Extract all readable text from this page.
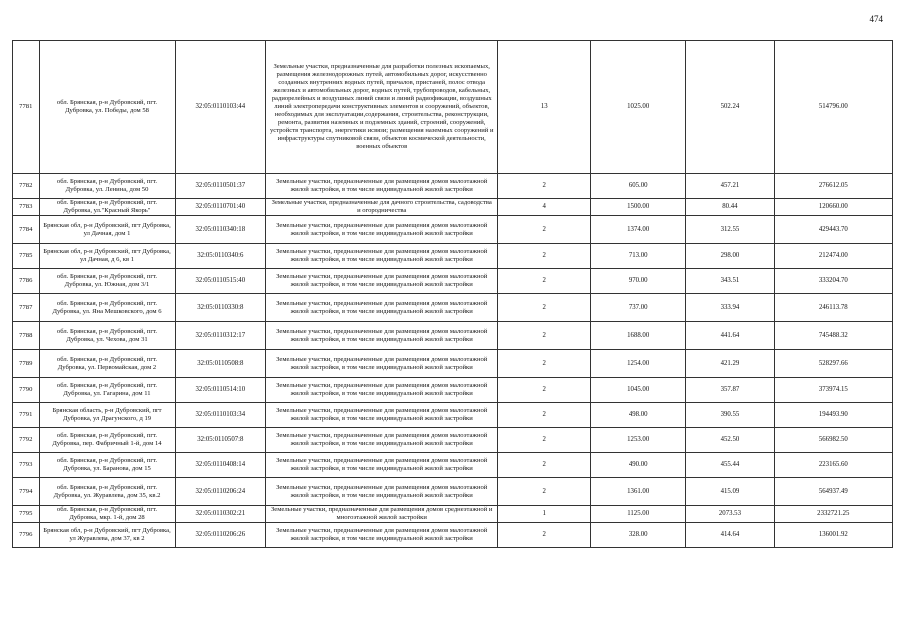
474
7781	обл. Брянская, р-н Дубровский, пгт. Дубровка, ул. Победы, дом 58	32:05:0110103:44	Земельные участки, предназначенные для разработки полезных ископаемых, размещения железнодорожных путей, автомобильных дорог, искусственно созданных внутренних водных путей, причалов, пристаней, полос отвода железных и автомобильных дорог, водных путей, трубопроводов, кабельных, радиорелейных и воздушных линий связи и линий радиофикации, воздушных линий электропередачи конструктивных элементов и сооружений, объектов, необходимых для эксплуатации,содержания, строительства, реконструкции, ремонта, развития наземных и подземных зданий, строений, сооружений, устройств транспорта, энергетики исвязи; размещения наземных сооружений и инфраструктуры спутниковой связи, объектов космической деятельности, военных объектов	13	1025.00	502.24	514796.00
7782	обл. Брянская, р-н Дубровский, пгт. Дубровка, ул. Ленина, дом 50	32:05:0110501:37	Земельные участки, предназначенные для размещения домов малоэтажной жилой застройки, в том числе индивидуальной жилой застройки	2	605.00	457.21	276612.05
7783	обл. Брянская, р-н Дубровский, пгт. Дубровка, ул."Красный Якорь"	32:05:0110701:40	Земельные участки, предназначенные для дачного строительства, садоводства и огородничества	4	1500.00	80.44	120660.00
7784	Брянская обл, р-н Дубровский, пгт Дубровка, ул Дачная, дом 1	32:05:0110340:18	Земельные участки, предназначенные для размещения домов малоэтажной жилой застройки, в том числе индивидуальной жилой застройки	2	1374.00	312.55	429443.70
7785	Брянская обл, р-н Дубровский, пгт Дубровка, ул Дачная, д 6, кв 1	32:05:0110340:6	Земельные участки, предназначенные для размещения домов малоэтажной жилой застройки, в том числе индивидуальной жилой застройки	2	713.00	298.00	212474.00
7786	обл. Брянская, р-н Дубровский, пгт. Дубровка, ул. Южная, дом 3/1	32:05:0110515:40	Земельные участки, предназначенные для размещения домов малоэтажной жилой застройки, в том числе индивидуальной жилой застройки	2	970.00	343.51	333204.70
7787	обл. Брянская, р-н Дубровский, пгт. Дубровка, ул. Яна Мешковского, дом 6	32:05:0110330:8	Земельные участки, предназначенные для размещения домов малоэтажной жилой застройки, в том числе индивидуальной жилой застройки	2	737.00	333.94	246113.78
7788	обл. Брянская, р-н Дубровский, пгт. Дубровка, ул. Чехова, дом 31	32:05:0110312:17	Земельные участки, предназначенные для размещения домов малоэтажной жилой застройки, в том числе индивидуальной жилой застройки	2	1688.00	441.64	745488.32
7789	обл. Брянская, р-н Дубровский, пгт. Дубровка, ул. Первомайская, дом 2	32:05:0110508:8	Земельные участки, предназначенные для размещения домов малоэтажной жилой застройки, в том числе индивидуальной жилой застройки	2	1254.00	421.29	528297.66
7790	обл. Брянская, р-н Дубровский, пгт. Дубровка, ул. Гагарина, дом 11	32:05:0110514:10	Земельные участки, предназначенные для размещения домов малоэтажной жилой застройки, в том числе индивидуальной жилой застройки	2	1045.00	357.87	373974.15
7791	Брянская область, р-н Дубровский, пгт Дубровка, ул Драгунского, д 19	32:05:0110103:34	Земельные участки, предназначенные для размещения домов малоэтажной жилой застройки, в том числе индивидуальной жилой застройки	2	498.00	390.55	194493.90
7792	обл. Брянская, р-н Дубровский, пгт. Дубровка, пер. Фабричный 1-й, дом 14	32:05:0110507:8	Земельные участки, предназначенные для размещения домов малоэтажной жилой застройки, в том числе индивидуальной жилой застройки	2	1253.00	452.50	566982.50
7793	обл. Брянская, р-н Дубровский, пгт. Дубровка, ул. Баранова, дом 15	32:05:0110408:14	Земельные участки, предназначенные для размещения домов малоэтажной жилой застройки, в том числе индивидуальной жилой застройки	2	490.00	455.44	223165.60
7794	обл. Брянская, р-н Дубровский, пгт. Дубровка, ул. Журавлева, дом 35, кв.2	32:05:0110206:24	Земельные участки, предназначенные для размещения домов малоэтажной жилой застройки, в том числе индивидуальной жилой застройки	2	1361.00	415.09	564937.49
7795	обл. Брянская, р-н Дубровский, пгт. Дубровка, мкр. 1-й, дом 28	32:05:0110302:21	Земельные участки, предназначенные для размещения домов среднеэтажной и многоэтажной жилой застройки	1	1125.00	2073.53	2332721.25
7796	Брянская обл, р-н Дубровский, пгт Дубровка, ул Журавлева, дом 37, кв 2	32:05:0110206:26	Земельные участки, предназначенные для размещения домов малоэтажной жилой застройки, в том числе индивидуальной жилой застройки	2	328.00	414.64	136001.92
